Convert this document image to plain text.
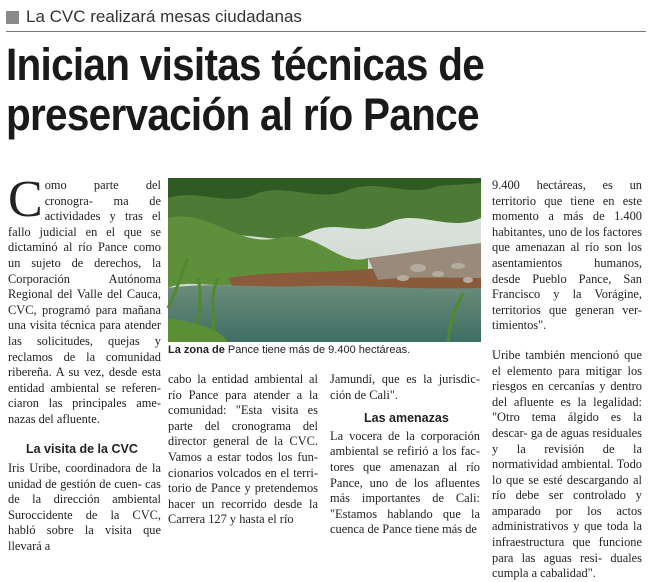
La CVC realizará mesas ciudadanas
Inician visitas técnicas de
preservación al río Pance
C omo parte del cronogra- ma de actividades y tras el fallo judicial en el que se dictaminó al río Pance como un sujeto de derechos, la Corporación Autónoma Regional del Valle del Cauca, CVC, programó para mañana una visita técnica para atender las solicitudes, quejas y reclamos de la comunidad ribereña. A su vez, desde esta entidad ambiental se referen- ciaron las principales ame- nazas del afluente.

La visita de la CVC

Iris Uribe, coordinadora de la unidad de gestión de cuen- cas de la dirección ambiental Suroccidente de la CVC, habló sobre la visita que llevará a

La zona de Pance tiene más de 9.400 hectáreas.

cabo la entidad ambiental al río Pance para atender a la comunidad: "Esta visita es parte del cronograma del director general de la CVC. Vamos a estar todos los fun- cionarios volcados en el terri- torio de Pance y pretendemos hacer un recorrido desde la Carrera 127 y hasta el río

Jamundí, que es la jurisdic- ción de Cali".

Las amenazas

La vocera de la corporación ambiental se refirió a los fac- tores que amenazan al río Pance, uno de los afluentes más importantes de Cali: "Estamos hablando que la cuenca de Pance tiene más de

9.400 hectáreas, es un territorio que tiene en este momento a más de 1.400 habitantes, uno de los factores que amenazan al río son los asentamientos	humanos, desde Pueblo Pance, San Francisco y la Vorágine, territorios que generan ver- timientos".

Uribe también mencionó que el elemento para mitigar los riesgos en cercanías y dentro del afluente es la legalidad: "Otro tema álgido es la descar- ga de aguas residuales y la revisión de la normatividad ambiental. Todo lo que se esté descargando al río debe ser controlado y amparado por los actos administrativos y que toda la infraestructura que funcione para las aguas resi- duales cumpla a cabalidad".
